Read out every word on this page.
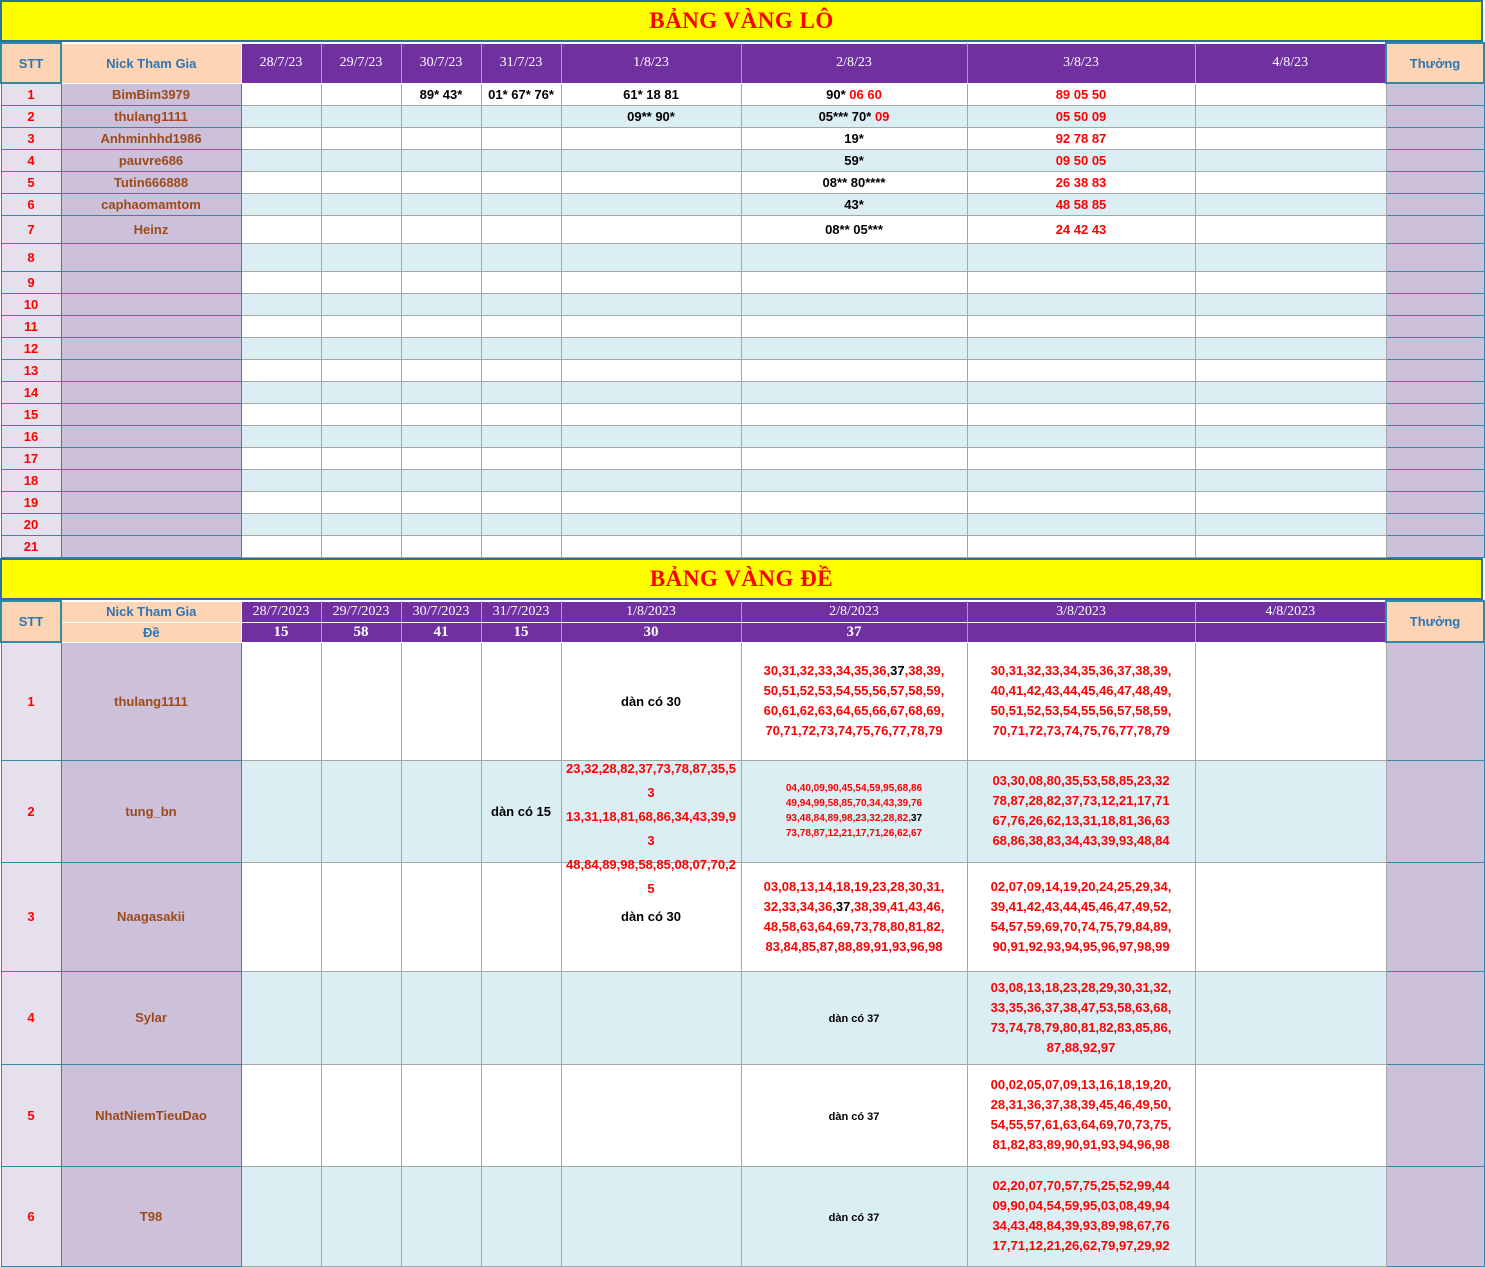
BẢNG VÀNG LÔ
STT	Nick Tham Gia	28/7/23	29/7/23	30/7/23	31/7/23	1/8/23	2/8/23	3/8/23	4/8/23	Thưởng
1	BimBim3979			89* 43*	01* 67* 76*	61* 18 81	90* 06 60	89 05 50		
2	thulang1111					09** 90*	05*** 70* 09	05 50 09		
3	Anhminhhd1986						19*	92 78 87		
4	pauvre686						59*	09 50 05		
5	Tutin666888						08** 80****	26 38 83		
6	caphaomamtom						43*	48 58 85		
7	Heinz						08** 05***	24 42 43		
8										
9										
10										
11										
12										
13										
14										
15										
16										
17										
18										
19										
20										
21										
BẢNG VÀNG ĐỀ
STT	Nick Tham Gia	28/7/2023	29/7/2023	30/7/2023	31/7/2023	1/8/2023	2/8/2023	3/8/2023	4/8/2023	Thưởng
	Đề	15	58	41	15	30	37			
1	thulang1111					dàn có 30	30,31,32,33,34,35,36,37,38,39,
50,51,52,53,54,55,56,57,58,59,
60,61,62,63,64,65,66,67,68,69,
70,71,72,73,74,75,76,77,78,79	30,31,32,33,34,35,36,37,38,39,
40,41,42,43,44,45,46,47,48,49,
50,51,52,53,54,55,56,57,58,59,
70,71,72,73,74,75,76,77,78,79		
2	tung_bn				dàn có 15	23,32,28,82,37,73,78,87,35,53
13,31,18,81,68,86,34,43,39,93
48,84,89,98,58,85,08,07,70,25	04,40,09,90,45,54,59,95,68,86
49,94,99,58,85,70,34,43,39,76
93,48,84,89,98,23,32,28,82,37
73,78,87,12,21,17,71,26,62,67	03,30,08,80,35,53,58,85,23,32
78,87,28,82,37,73,12,21,17,71
67,76,26,62,13,31,18,81,36,63
68,86,38,83,34,43,39,93,48,84		
3	Naagasakii					dàn có 30	03,08,13,14,18,19,23,28,30,31,
32,33,34,36,37,38,39,41,43,46,
48,58,63,64,69,73,78,80,81,82,
83,84,85,87,88,89,91,93,96,98	02,07,09,14,19,20,24,25,29,34,
39,41,42,43,44,45,46,47,49,52,
54,57,59,69,70,74,75,79,84,89,
90,91,92,93,94,95,96,97,98,99		
4	Sylar						dàn có 37	03,08,13,18,23,28,29,30,31,32,
33,35,36,37,38,47,53,58,63,68,
73,74,78,79,80,81,82,83,85,86,
87,88,92,97		
5	NhatNiemTieuDao						dàn có 37	00,02,05,07,09,13,16,18,19,20,
28,31,36,37,38,39,45,46,49,50,
54,55,57,61,63,64,69,70,73,75,
81,82,83,89,90,91,93,94,96,98		
6	T98						dàn có 37	02,20,07,70,57,75,25,52,99,44
09,90,04,54,59,95,03,08,49,94
34,43,48,84,39,93,89,98,67,76
17,71,12,21,26,62,79,97,29,92		
